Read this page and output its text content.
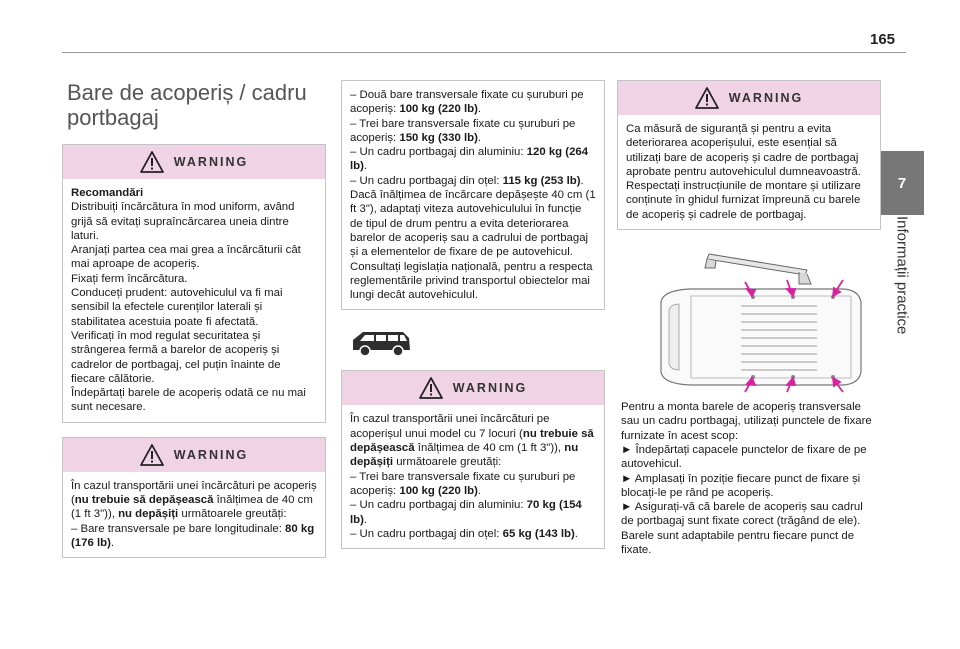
165
7
Informații practice
Bare de acoperiș / cadru portbagaj
WARNING

Recomandări

Distribuiți încărcătura în mod uniform, având grijă să evitați supraîncărcarea uneia dintre laturi.

Aranjați partea cea mai grea a încărcăturii cât mai aproape de acoperiș.

Fixați ferm încărcătura.

Conduceți prudent: autovehiculul va fi mai sensibil la efectele curenților laterali și stabilitatea acestuia poate fi afectată.

Verificați în mod regulat securitatea și strângerea fermă a barelor de acoperiș și cadrelor de portbagaj, cel puțin înainte de fiecare călătorie.

Îndepărtați barele de acoperiș odată ce nu mai sunt necesare.

WARNING

În cazul transportării unei încărcături pe acoperiș (nu trebuie să depășească înălțimea de 40 cm (1 ft 3")), nu depășiți următoarele greutăți:

– Bare transversale pe bare longitudinale: 80 kg (176 lb).

– Două bare transversale fixate cu șuruburi pe acoperiș: 100 kg (220 lb).

– Trei bare transversale fixate cu șuruburi pe acoperiș: 150 kg (330 lb).

– Un cadru portbagaj din aluminiu: 120 kg (264 lb).

– Un cadru portbagaj din oțel: 115 kg (253 lb).

Dacă înălțimea de încărcare depășește 40 cm (1 ft 3"), adaptați viteza autovehiculului în funcție de tipul de drum pentru a evita deteriorarea barelor de acoperiș sau a cadrului de portbagaj și a elementelor de fixare de pe autovehicul.

Consultați legislația națională, pentru a respecta reglementările privind transportul obiectelor mai lungi decât autovehiculul.

WARNING

În cazul transportării unei încărcături pe acoperișul unui model cu 7 locuri (nu trebuie să depășească înălțimea de 40 cm (1 ft 3")), nu depășiți următoarele greutăți:

– Trei bare transversale fixate cu șuruburi pe acoperiș: 100 kg (220 lb).

– Un cadru portbagaj din aluminiu: 70 kg (154 lb).

– Un cadru portbagaj din oțel: 65 kg (143 lb).

WARNING

Ca măsură de siguranță și pentru a evita deteriorarea acoperișului, este esențial să utilizați bare de acoperiș și cadre de portbagaj aprobate pentru autovehiculul dumneavoastră.

Respectați instrucțiunile de montare și utilizare conținute în ghidul furnizat împreună cu barele de acoperiș și cadrele de portbagaj.

Pentru a monta barele de acoperiș transversale sau un cadru portbagaj, utilizați punctele de fixare furnizate în acest scop:

► Îndepărtați capacele punctelor de fixare de pe autovehicul.

► Amplasați în poziție fiecare punct de fixare și blocați-le pe rând pe acoperiș.

► Asigurați-vă că barele de acoperiș sau cadrul de portbagaj sunt fixate corect (trăgând de ele).

Barele sunt adaptabile pentru fiecare punct de fixate.
